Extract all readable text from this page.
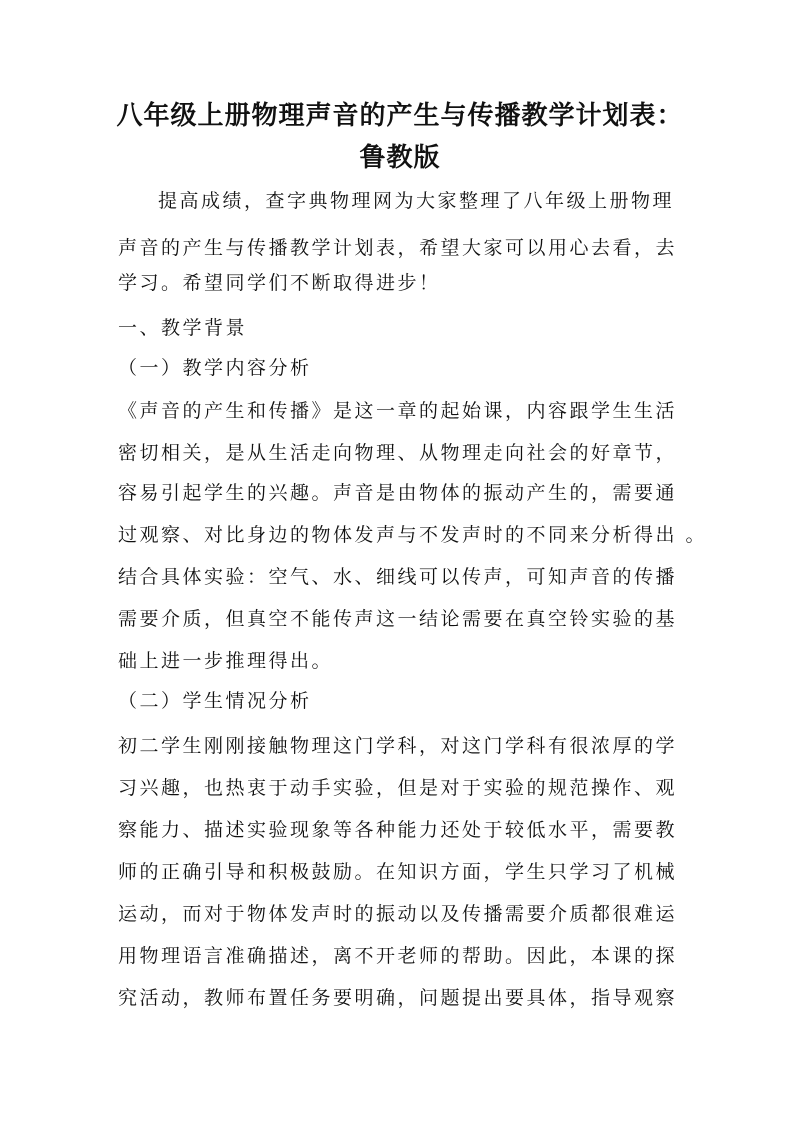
八年级上册物理声音的产生与传播教学计划表：
鲁教版

提高成绩，查字典物理网为大家整理了八年级上册物理

声音的产生与传播教学计划表，希望大家可以用心去看，去

学习。希望同学们不断取得进步！

一、教学背景

（一）教学内容分析

《声音的产生和传播》是这一章的起始课，内容跟学生生活

密切相关，是从生活走向物理、从物理走向社会的好章节，

容易引起学生的兴趣。声音是由物体的振动产生的，需要通

过观察、对比身边的物体发声与不发声时的不同来分析得出 。

结合具体实验：空气、水、细线可以传声，可知声音的传播

需要介质，但真空不能传声这一结论需要在真空铃实验的基

础上进一步推理得出。

（二）学生情况分析

初二学生刚刚接触物理这门学科，对这门学科有很浓厚的学

习兴趣，也热衷于动手实验，但是对于实验的规范操作、观

察能力、描述实验现象等各种能力还处于较低水平，需要教

师的正确引导和积极鼓励。在知识方面，学生只学习了机械

运动，而对于物体发声时的振动以及传播需要介质都很难运

用物理语言准确描述，离不开老师的帮助。因此，本课的探

究活动，教师布置任务要明确，问题提出要具体，指导观察
